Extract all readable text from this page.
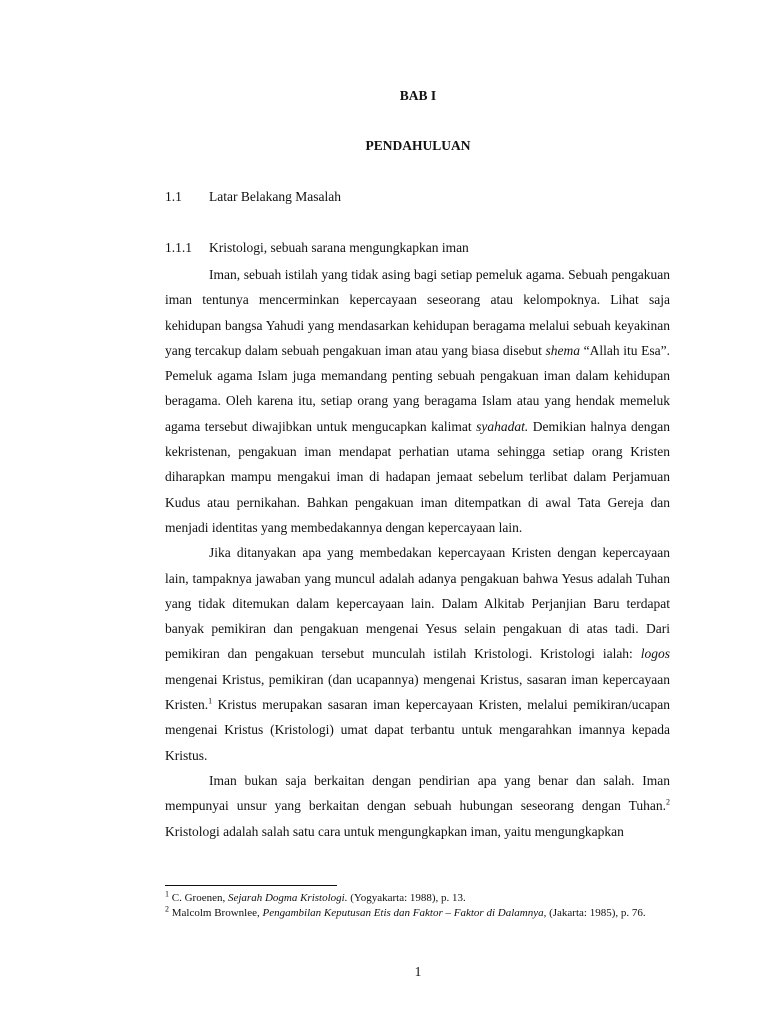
BAB I
PENDAHULUAN
1.1 Latar Belakang Masalah
1.1.1 Kristologi, sebuah sarana mengungkapkan iman

Iman, sebuah istilah yang tidak asing bagi setiap pemeluk agama. Sebuah pengakuan iman tentunya mencerminkan kepercayaan seseorang atau kelompoknya. Lihat saja kehidupan bangsa Yahudi yang mendasarkan kehidupan beragama melalui sebuah keyakinan yang tercakup dalam sebuah pengakuan iman atau yang biasa disebut shema “Allah itu Esa”. Pemeluk agama Islam juga memandang penting sebuah pengakuan iman dalam kehidupan beragama. Oleh karena itu, setiap orang yang beragama Islam atau yang hendak memeluk agama tersebut diwajibkan untuk mengucapkan kalimat syahadat. Demikian halnya dengan kekristenan, pengakuan iman mendapat perhatian utama sehingga setiap orang Kristen diharapkan mampu mengakui iman di hadapan jemaat sebelum terlibat dalam Perjamuan Kudus atau pernikahan. Bahkan pengakuan iman ditempatkan di awal Tata Gereja dan menjadi identitas yang membedakannya dengan kepercayaan lain.

Jika ditanyakan apa yang membedakan kepercayaan Kristen dengan kepercayaan lain, tampaknya jawaban yang muncul adalah adanya pengakuan bahwa Yesus adalah Tuhan yang tidak ditemukan dalam kepercayaan lain. Dalam Alkitab Perjanjian Baru terdapat banyak pemikiran dan pengakuan mengenai Yesus selain pengakuan di atas tadi. Dari pemikiran dan pengakuan tersebut munculah istilah Kristologi. Kristologi ialah: logos mengenai Kristus, pemikiran (dan ucapannya) mengenai Kristus, sasaran iman kepercayaan Kristen.$^1$ Kristus merupakan sasaran iman kepercayaan Kristen, melalui pemikiran/ucapan mengenai Kristus (Kristologi) umat dapat terbantu untuk mengarahkan imannya kepada Kristus.

Iman bukan saja berkaitan dengan pendirian apa yang benar dan salah. Iman mempunyai unsur yang berkaitan dengan sebuah hubungan seseorang dengan Tuhan.$^2$ Kristologi adalah salah satu cara untuk mengungkapkan iman, yaitu mengungkapkan

$^1$ C. Groenen, Sejarah Dogma Kristologi. (Yogyakarta: 1988), p. 13.

$^2$ Malcolm Brownlee, Pengambilan Keputusan Etis dan Faktor – Faktor di Dalamnya, (Jakarta: 1985), p. 76.

1
